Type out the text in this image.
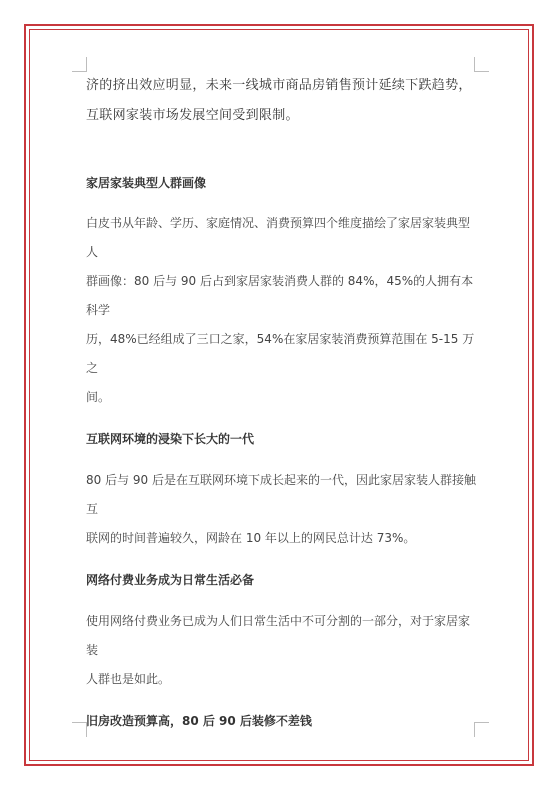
济的挤出效应明显，未来一线城市商品房销售预计延续下跌趋势，
互联网家装市场发展空间受到限制。

家居家装典型人群画像

白皮书从年龄、学历、家庭情况、消费预算四个维度描绘了家居家装典型人
群画像：80 后与 90 后占到家居家装消费人群的 84%，45%的人拥有本科学
历，48%已经组成了三口之家，54%在家居家装消费预算范围在 5-15 万之
间。

互联网环境的浸染下长大的一代

80 后与 90 后是在互联网环境下成长起来的一代，因此家居家装人群接触互
联网的时间普遍较久，网龄在 10 年以上的网民总计达 73%。

网络付费业务成为日常生活必备

使用网络付费业务已成为人们日常生活中不可分割的一部分，对于家居家装
人群也是如此。

旧房改造预算高，80 后 90 后装修不差钱
